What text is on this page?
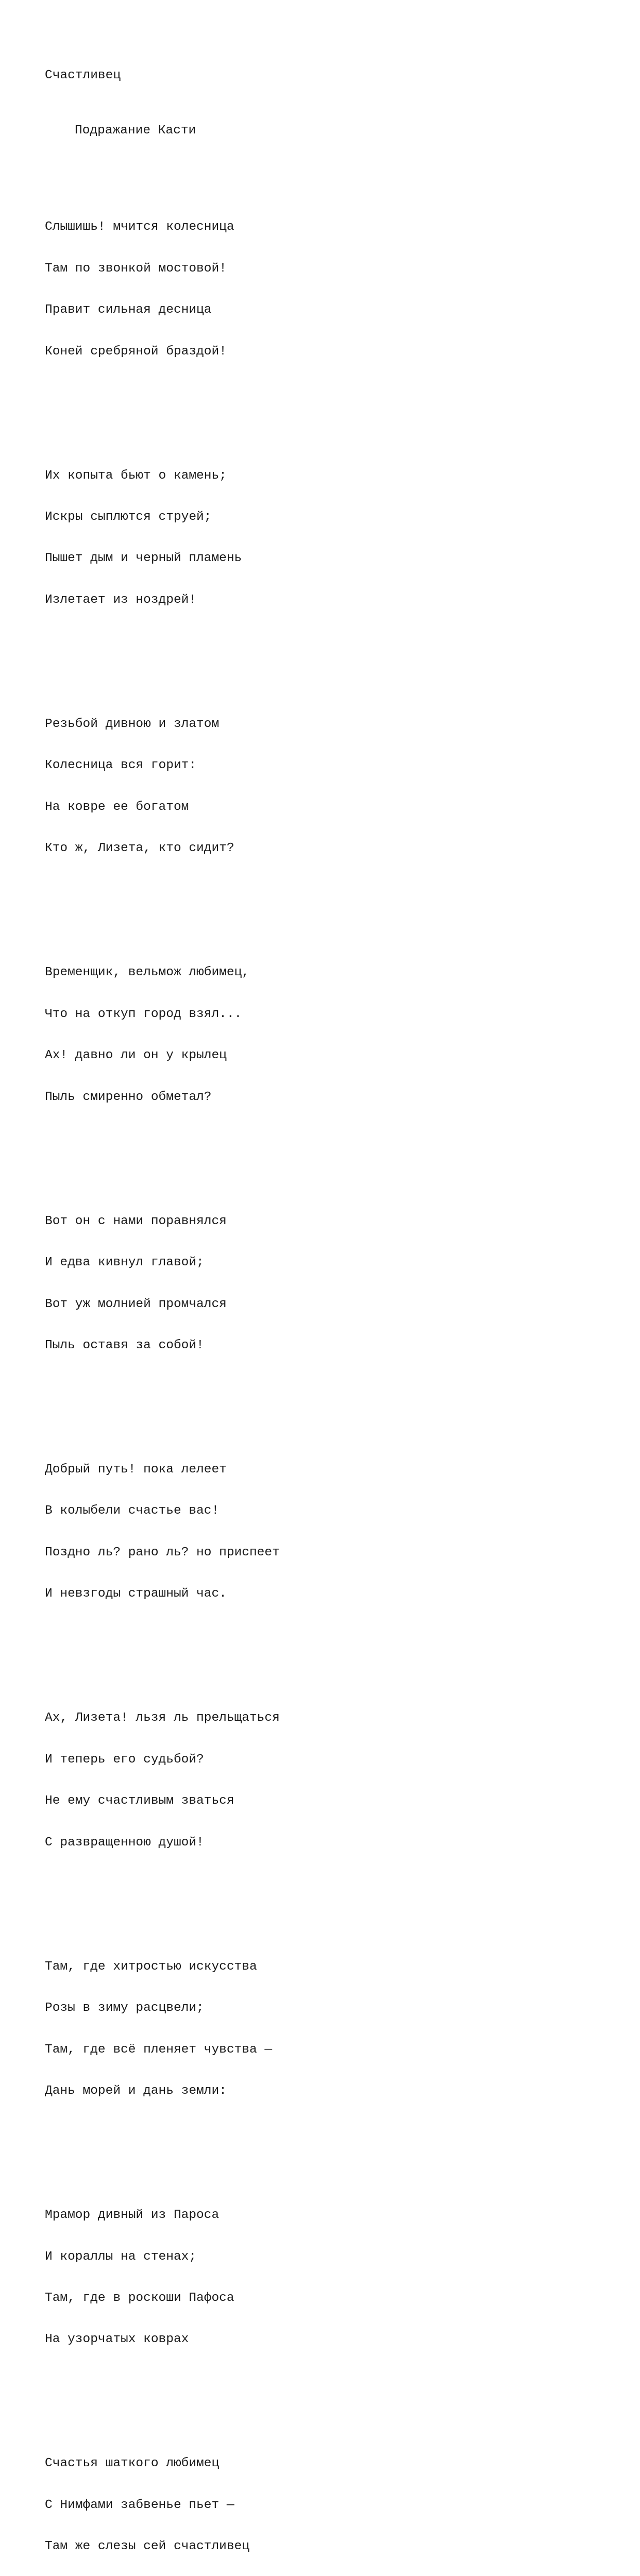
Счастливец

Подражание Касти

Слышишь! мчится колесница

Там по звонкой мостовой!

Правит сильная десница

Коней сребряной браздой!

Их копыта бьют о камень;

Искры сыплются струей;

Пышет дым и черный пламень

Излетает из ноздрей!

Резьбой дивною и златом

Колесница вся горит:

На ковре ее богатом

Кто ж, Лизета, кто сидит?

Временщик, вельмож любимец,

Что на откуп город взял...

Ах! давно ли он у крылец

Пыль смиренно обметал?

Вот он с нами поравнялся

И едва кивнул главой;

Вот уж молнией промчался

Пыль оставя за собой!

Добрый путь! пока лелеет

В колыбели счастье вас!

Поздно ль? рано ль? но приспеет

И невзгоды страшный час.

Ах, Лизета! льзя ль прельщаться

И теперь его судьбой?

Не ему счастливым зваться

С развращенною душой!

Там, где хитростью искусства

Розы в зиму расцвели;

Там, где всё пленяет чувства —

Дань морей и дань земли:

Мрамор дивный из Пароса

И кораллы на стенах;

Там, где в роскоши Пафоса

На узорчатых коврах

Счастья шаткого любимец

С Нимфами забвенье пьет —

Там же слезы сей счастливец
